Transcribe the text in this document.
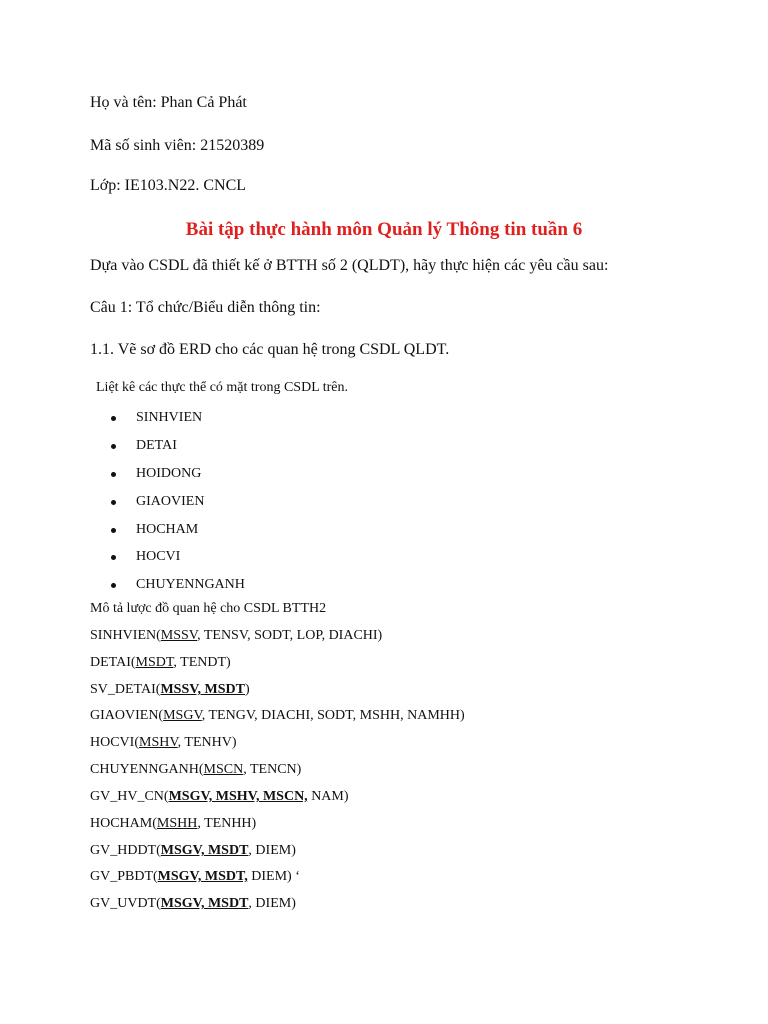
Họ và tên: Phan Cả Phát
Mã số sinh viên: 21520389
Lớp: IE103.N22. CNCL
Bài tập thực hành môn Quản lý Thông tin tuần 6
Dựa vào CSDL đã thiết kế ở BTTH số 2 (QLDT), hãy thực hiện các yêu cầu sau:
Câu 1: Tổ chức/Biểu diễn thông tin:
1.1. Vẽ sơ đồ ERD cho các quan hệ trong CSDL QLDT.
Liệt kê các thực thể có mặt trong CSDL trên.
SINHVIEN
DETAI
HOIDONG
GIAOVIEN
HOCHAM
HOCVI
CHUYENNGANH
Mô tả lược đồ quan hệ cho CSDL BTTH2
SINHVIEN(MSSV, TENSV, SODT, LOP, DIACHI)
DETAI(MSDT, TENDT)
SV_DETAI(MSSV, MSDT)
GIAOVIEN(MSGV, TENGV, DIACHI, SODT, MSHH, NAMHH)
HOCVI(MSHV, TENHV)
CHUYENNGANH(MSCN, TENCN)
GV_HV_CN(MSGV, MSHV, MSCN, NAM)
HOCHAM(MSHH, TENHH)
GV_HDDT(MSGV, MSDT, DIEM)
GV_PBDT(MSGV, MSDT, DIEM) ‘
GV_UVDT(MSGV, MSDT, DIEM)
